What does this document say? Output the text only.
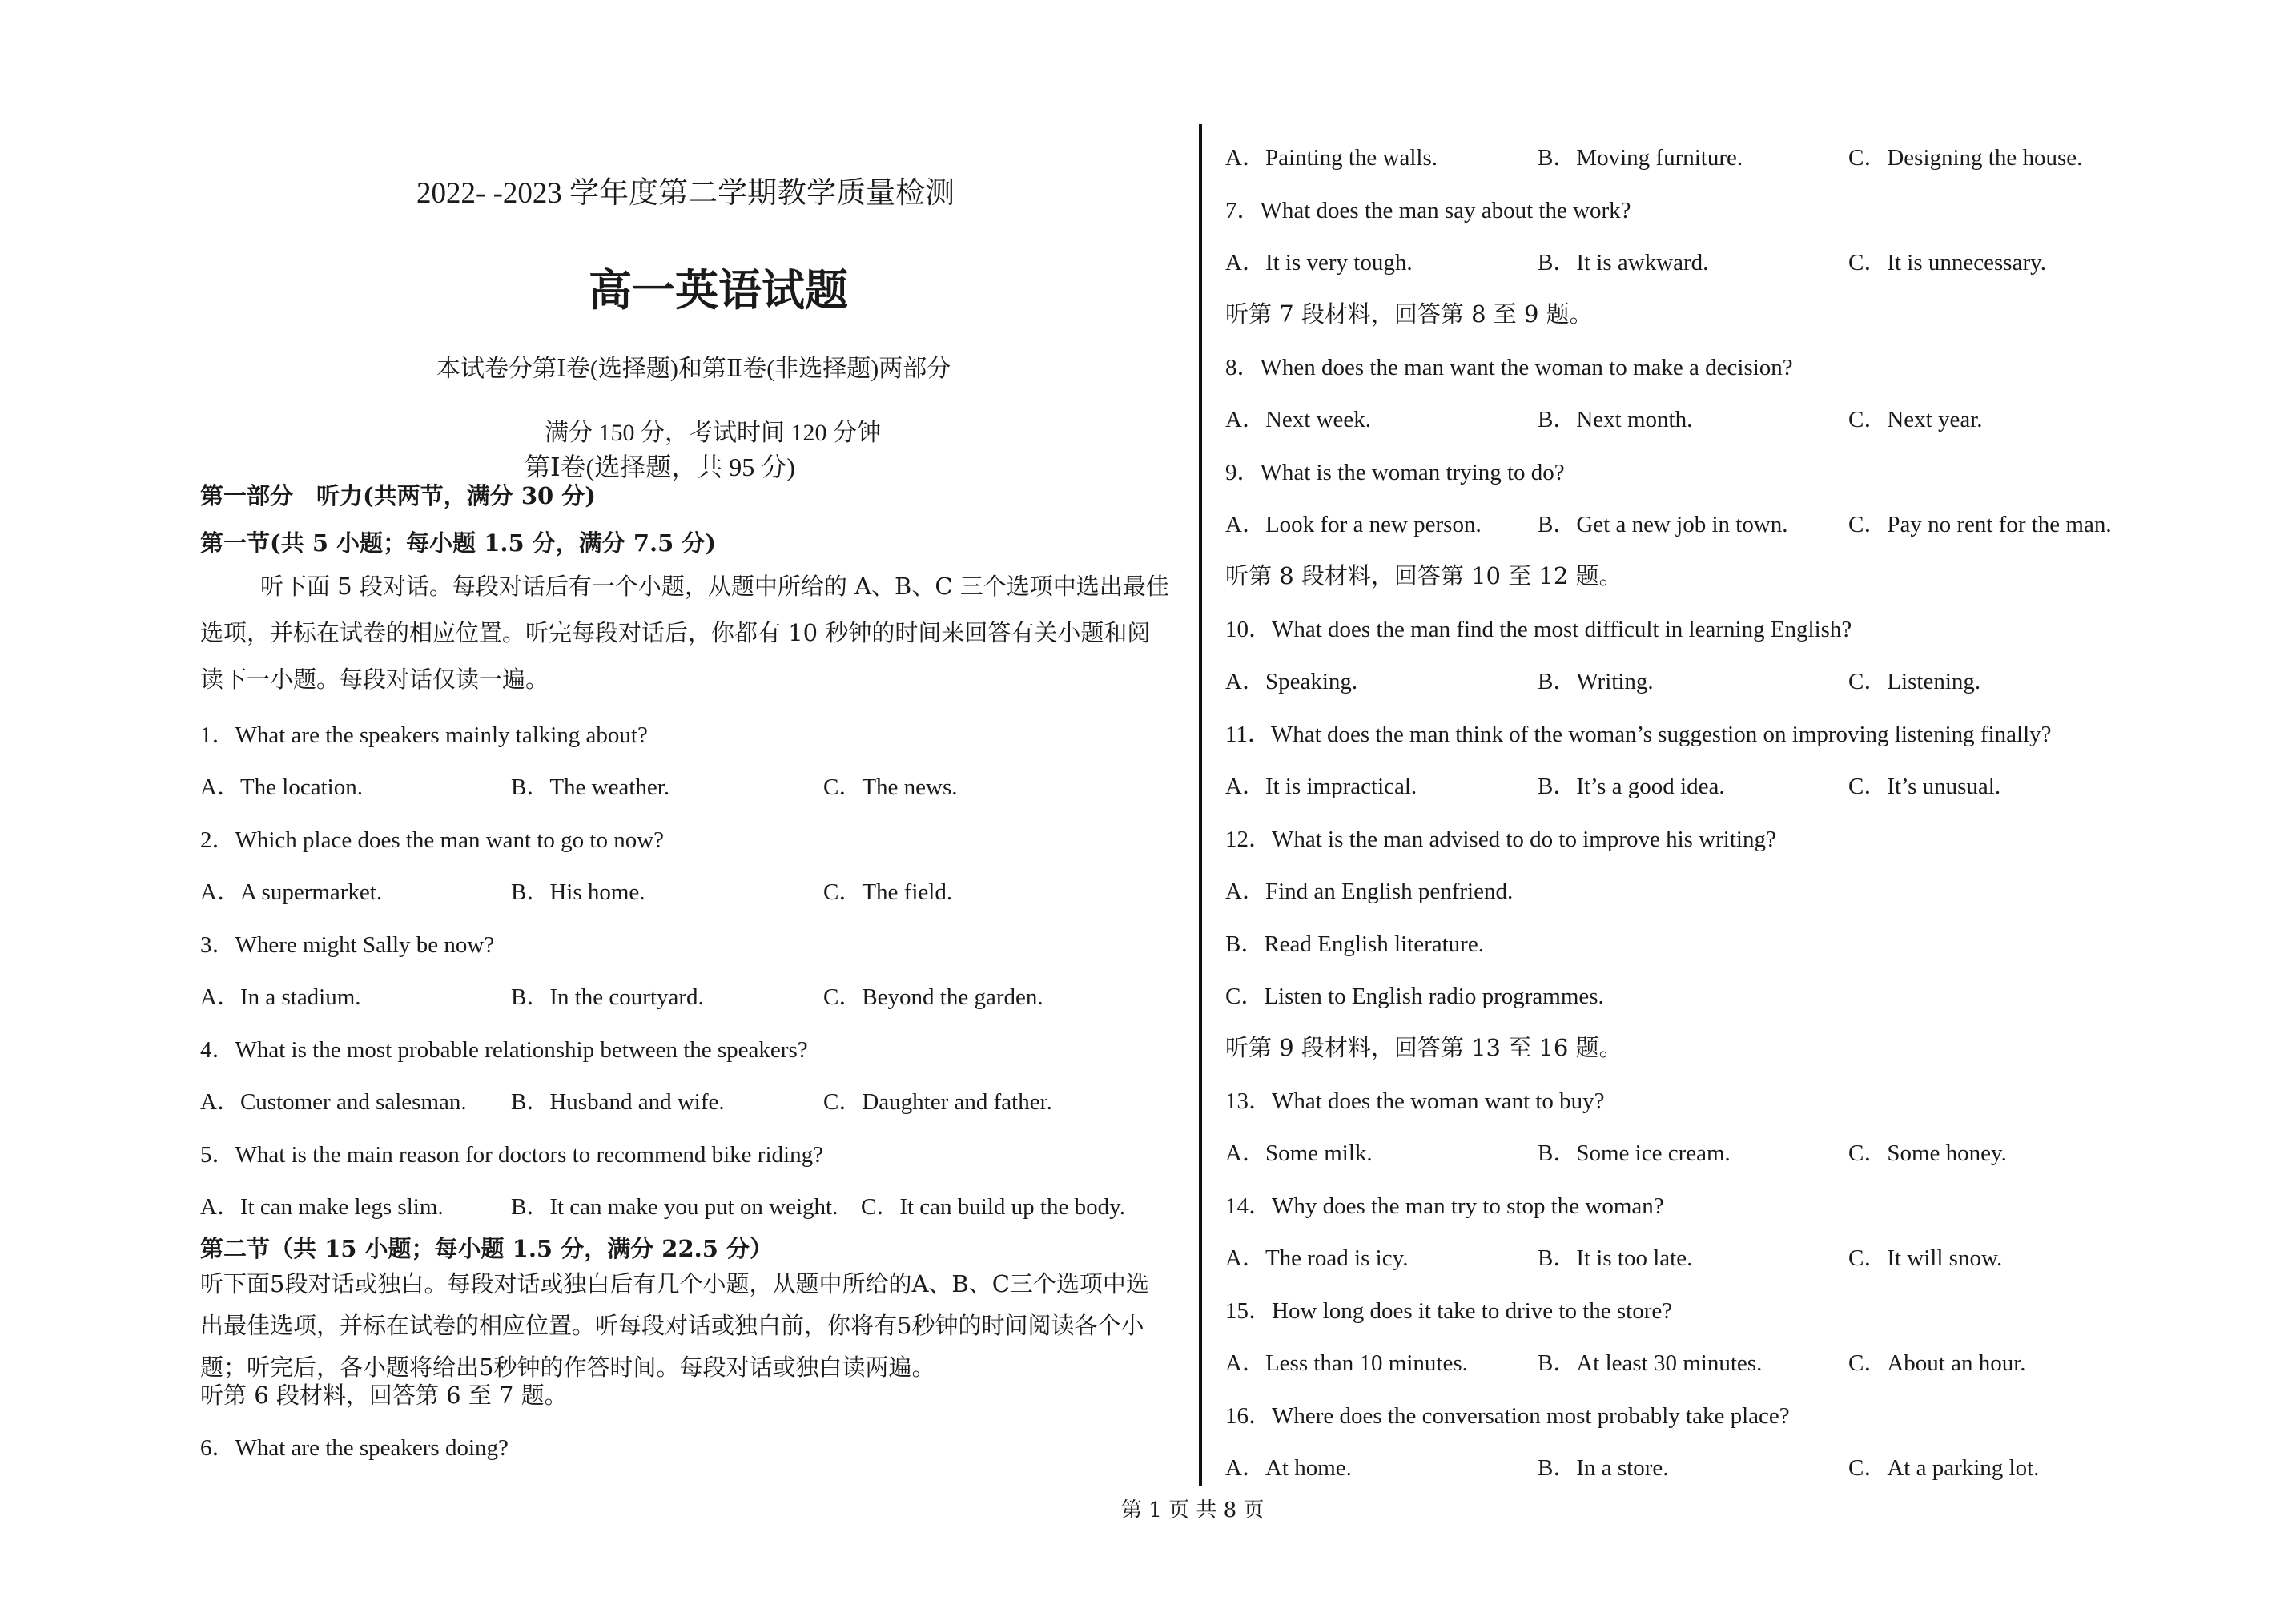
2022- -2023 学年度第二学期教学质量检测
高一英语试题
本试卷分第Ⅰ卷(选择题)和第Ⅱ卷(非选择题)两部分
满分 150 分，考试时间 120 分钟
第Ⅰ卷(选择题，共 95 分)
第一部分　听力(共两节，满分 30 分)
第一节(共 5 小题；每小题 1.5 分，满分 7.5 分)
听下面 5 段对话。每段对话后有一个小题，从题中所给的 A、B、C 三个选项中选出最佳选项，并标在试卷的相应位置。听完每段对话后，你都有 10 秒钟的时间来回答有关小题和阅读下一小题。每段对话仅读一遍。
1．What are the speakers mainly talking about?
A．The location.	B．The weather.	C．The news.
2．Which place does the man want to go to now?
A．A supermarket.	B．His home.	C．The field.
3．Where might Sally be now?
A．In a stadium.	B．In the courtyard.	C．Beyond the garden.
4．What is the most probable relationship between the speakers?
A．Customer and salesman. B．Husband and wife.	C．Daughter and father.
5．What is the main reason for doctors to recommend bike riding?
A．It can make legs slim.	B．It can make you put on weight. C．It can build up the body.
第二节（共 15 小题；每小题 1.5 分，满分 22.5 分）
听下面5段对话或独白。每段对话或独白后有几个小题，从题中所给的A、B、C三个选项中选出最佳选项，并标在试卷的相应位置。听每段对话或独白前，你将有5秒钟的时间阅读各个小题；听完后，各小题将给出5秒钟的作答时间。每段对话或独白读两遍。
听第 6 段材料，回答第 6 至 7 题。
6．What are the speakers doing?
A．Painting the walls.	B．Moving furniture.	C．Designing the house.
7．What does the man say about the work?
A．It is very tough.	B．It is awkward.	C．It is unnecessary.
听第 7 段材料，回答第 8 至 9 题。
8．When does the man want the woman to make a decision?
A．Next week.	B．Next month.	C．Next year.
9．What is the woman trying to do?
A．Look for a new person. B．Get a new job in town.	C．Pay no rent for the man.
听第 8 段材料，回答第 10 至 12 题。
10．What does the man find the most difficult in learning English?
A．Speaking.	B．Writing.	C．Listening.
11．What does the man think of the woman’s suggestion on improving listening finally?
A．It is impractical.	B．It’s a good idea.	C．It’s unusual.
12．What is the man advised to do to improve his writing?
A．Find an English penfriend.
B．Read English literature.
C．Listen to English radio programmes.
听第 9 段材料，回答第 13 至 16 题。
13．What does the woman want to buy?
A．Some milk.	B．Some ice cream.	C．Some honey.
14．Why does the man try to stop the woman?
A．The road is icy.	B．It is too late.	C．It will snow.
15．How long does it take to drive to the store?
A．Less than 10 minutes.	B．At least 30 minutes.	C．About an hour.
16．Where does the conversation most probably take place?
A．At home.	B．In a store.	C．At a parking lot.
第 1 页 共 8 页
